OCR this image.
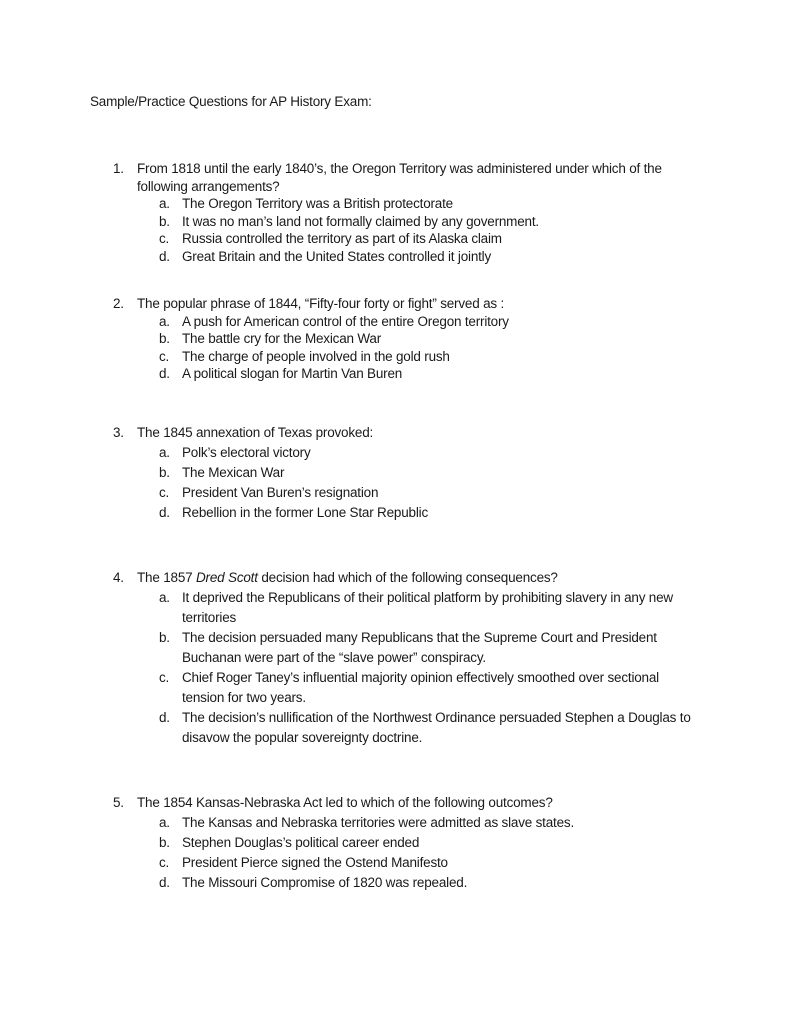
Sample/Practice Questions for AP History Exam:
1. From 1818 until the early 1840’s, the Oregon Territory was administered under which of the
following arrangements?
a. The Oregon Territory was a British protectorate
b. It was no man’s land not formally claimed by any government.
c. Russia controlled the territory as part of its Alaska claim
d. Great Britain and the United States controlled it jointly
2. The popular phrase of 1844, “Fifty-four forty or fight” served as :
a. A push for American control of the entire Oregon territory
b. The battle cry for the Mexican War
c. The charge of people involved in the gold rush
d. A political slogan for Martin Van Buren
3. The 1845 annexation of Texas provoked:
a. Polk’s electoral victory
b. The Mexican War
c. President Van Buren’s resignation
d. Rebellion in the former Lone Star Republic
4. The 1857 Dred Scott decision had which of the following consequences?
a. It deprived the Republicans of their political platform by prohibiting slavery in any new
territories
b. The decision persuaded many Republicans that the Supreme Court and President
Buchanan were part of the “slave power” conspiracy.
c. Chief Roger Taney’s influential majority opinion effectively smoothed over sectional
tension for two years.
d. The decision’s nullification of the Northwest Ordinance persuaded Stephen a Douglas to
disavow the popular sovereignty doctrine.
5. The 1854 Kansas-Nebraska Act led to which of the following outcomes?
a. The Kansas and Nebraska territories were admitted as slave states.
b. Stephen Douglas’s political career ended
c. President Pierce signed the Ostend Manifesto
d. The Missouri Compromise of 1820 was repealed.
